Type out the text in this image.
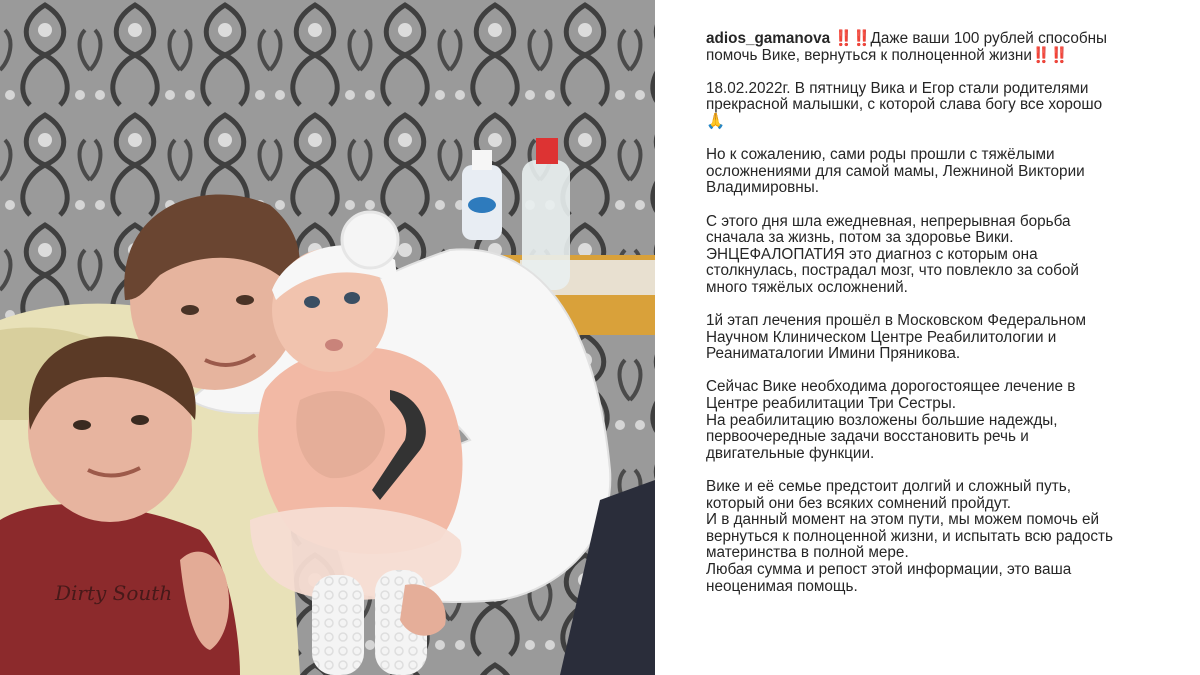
Dirty South

adios_gamanova ‼️‼️Даже ваши 100 рублей способны помочь Вике, вернуться к полноценной жизни‼️‼️

18.02.2022г. В пятницу Вика и Егор стали родителями
прекрасной малышки, с которой слава богу все хорошо
🙏

Но к сожалению, сами роды прошли с тяжёлыми
осложнениями для самой мамы, Лежниной Виктории
Владимировны.

С этого дня шла ежедневная, непрерывная борьба
сначала за жизнь, потом за здоровье Вики.
ЭНЦЕФАЛОПАТИЯ это диагноз с которым она
столкнулась, пострадал мозг, что повлекло за собой
много тяжёлых осложнений.

1й этап лечения прошёл в Московском Федеральном
Научном Клиническом Центре Реабилитологии и
Реаниматалогии Имини Пряникова.

Сейчас Вике необходима дорогостоящее лечение в
Центре реабилитации Три Сестры.
На реабилитацию возложены большие надежды,
первоочередные задачи восстановить речь и
двигательные функции.

Вике и её семье предстоит долгий и сложный путь,
который они без всяких сомнений пройдут.
И в данный момент на этом пути, мы можем помочь ей
вернуться к полноценной жизни, и испытать всю радость
материнства в полной мере.
Любая сумма и репост этой информации, это ваша
неоценимая помощь.
